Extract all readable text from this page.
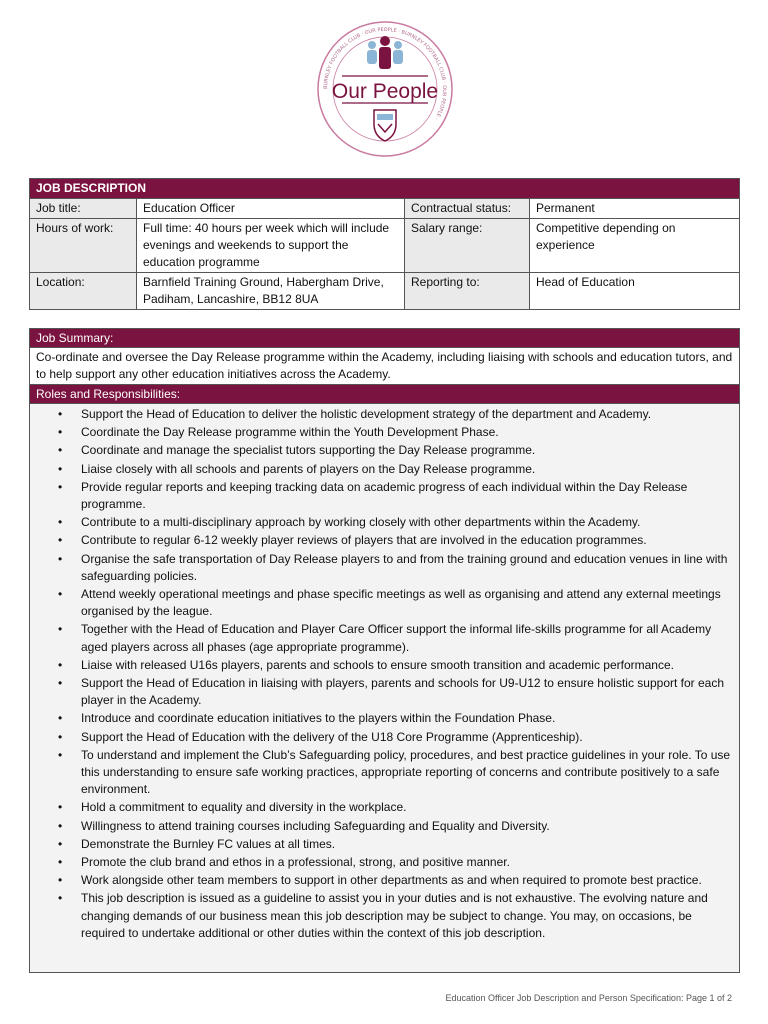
BURNLEY FOOTBALL CLUB · OUR PEOPLE · BURNLEY FOOTBALL CLUB · OUR PEOPLE ·
Our People
JOB DESCRIPTION			
Job title:	Education Officer	Contractual status:	Permanent
Hours of work:	Full time: 40 hours per week which will include evenings and weekends to support the education programme	Salary range:	Competitive depending on experience
Location:	Barnfield Training Ground, Habergham Drive, Padiham, Lancashire, BB12 8UA	Reporting to:	Head of Education
Job Summary:
Co-ordinate and oversee the Day Release programme within the Academy, including liaising with schools and education tutors, and to help support any other education initiatives across the Academy.
Roles and Responsibilities:
• Support the Head of Education to deliver the holistic development strategy of the department and Academy.
• Coordinate the Day Release programme within the Youth Development Phase.
• Coordinate and manage the specialist tutors supporting the Day Release programme.
• Liaise closely with all schools and parents of players on the Day Release programme.
• Provide regular reports and keeping tracking data on academic progress of each individual within the Day Release programme.
• Contribute to a multi-disciplinary approach by working closely with other departments within the Academy.
• Contribute to regular 6-12 weekly player reviews of players that are involved in the education programmes.
• Organise the safe transportation of Day Release players to and from the training ground and education venues in line with safeguarding policies.
• Attend weekly operational meetings and phase specific meetings as well as organising and attend any external meetings organised by the league.
• Together with the Head of Education and Player Care Officer support the informal life-skills programme for all Academy aged players across all phases (age appropriate programme).
• Liaise with released U16s players, parents and schools to ensure smooth transition and academic performance.
• Support the Head of Education in liaising with players, parents and schools for U9-U12 to ensure holistic support for each player in the Academy.
• Introduce and coordinate education initiatives to the players within the Foundation Phase.
• Support the Head of Education with the delivery of the U18 Core Programme (Apprenticeship).
• To understand and implement the Club’s Safeguarding policy, procedures, and best practice guidelines in your role. To use this understanding to ensure safe working practices, appropriate reporting of concerns and contribute positively to a safe environment.
• Hold a commitment to equality and diversity in the workplace.
• Willingness to attend training courses including Safeguarding and Equality and Diversity.
• Demonstrate the Burnley FC values at all times.
• Promote the club brand and ethos in a professional, strong, and positive manner.
• Work alongside other team members to support in other departments as and when required to promote best practice.
• This job description is issued as a guideline to assist you in your duties and is not exhaustive. The evolving nature and changing demands of our business mean this job description may be subject to change. You may, on occasions, be required to undertake additional or other duties within the context of this job description.
Education Officer Job Description and Person Specification: Page 1 of 2
